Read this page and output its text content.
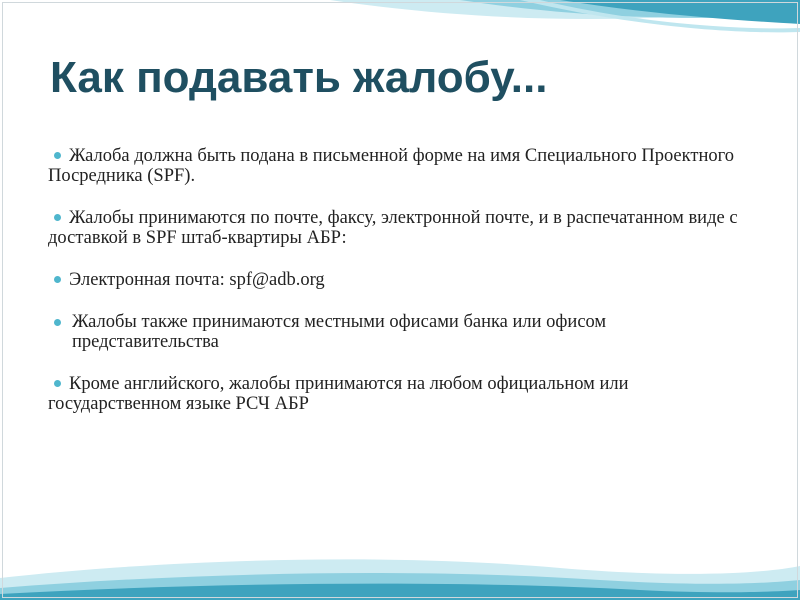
Как подавать жалобу...
Жалоба должна быть подана в письменной форме на имя Специального Проектного Посредника (SPF).
Жалобы принимаются по почте, факсу, электронной почте, и в распечатанном виде с доставкой в SPF штаб-квартиры АБР:
Электронная почта: spf@adb.org
Жалобы также принимаются местными офисами банка или офисом представительства
Кроме английского, жалобы принимаются на любом официальном или государственном языке РСЧ АБР
